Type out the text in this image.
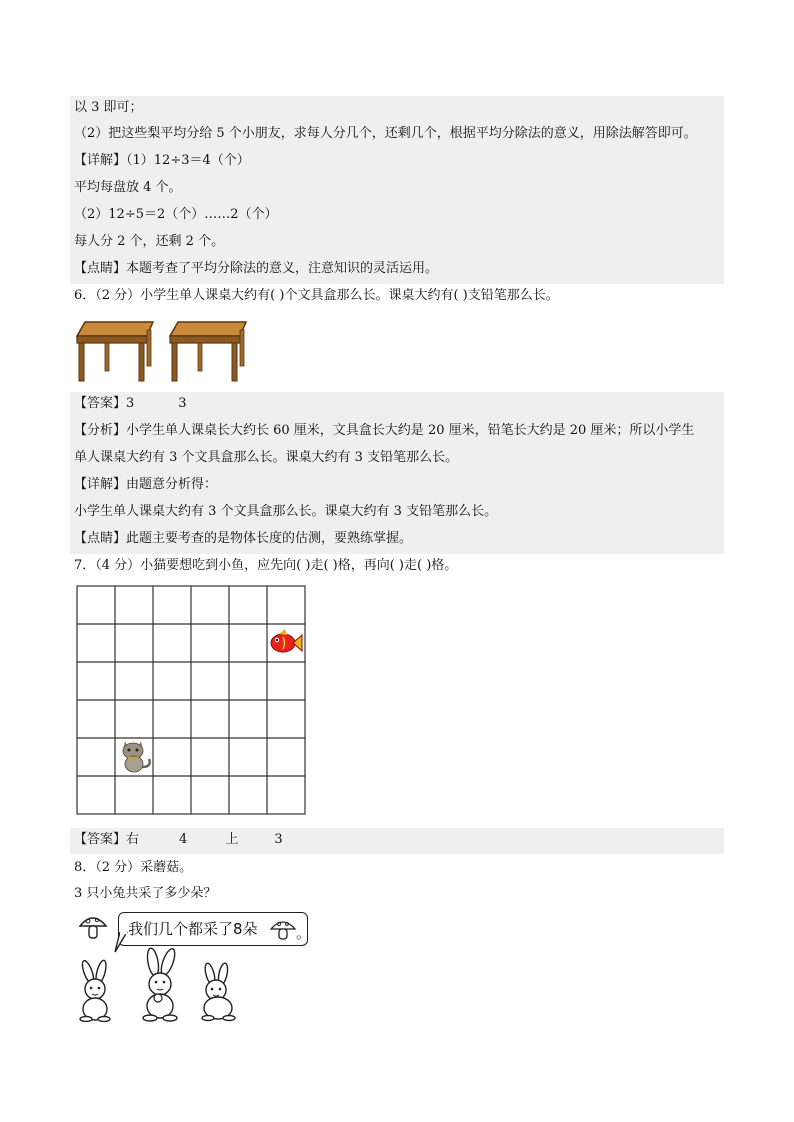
以 3 即可；
（2）把这些梨平均分给 5 个小朋友，求每人分几个，还剩几个，根据平均分除法的意义，用除法解答即可。
【详解】（1）12÷3＝4（个）
平均每盘放 4 个。
（2）12÷5＝2（个）……2（个）
每人分 2 个，还剩 2 个。
【点睛】本题考查了平均分除法的意义，注意知识的灵活运用。
6．（2 分）小学生单人课桌大约有( )个文具盒那么长。课桌大约有( )支铅笔那么长。
【答案】3	3
【分析】小学生单人课桌长大约长 60 厘米，文具盒长大约是 20 厘米，铅笔长大约是 20 厘米；所以小学生
单人课桌大约有 3 个文具盒那么长。课桌大约有 3 支铅笔那么长。
【详解】由题意分析得：
小学生单人课桌大约有 3 个文具盒那么长。课桌大约有 3 支铅笔那么长。
【点睛】此题主要考查的是物体长度的估测，要熟练掌握。
7．（4 分）小猫要想吃到小鱼，应先向( )走( )格，再向( )走( )格。
【答案】右	4	上	3
8．（2 分）采蘑菇。
3 只小兔共采了多少朵？
我们几个都采了8朵	。
